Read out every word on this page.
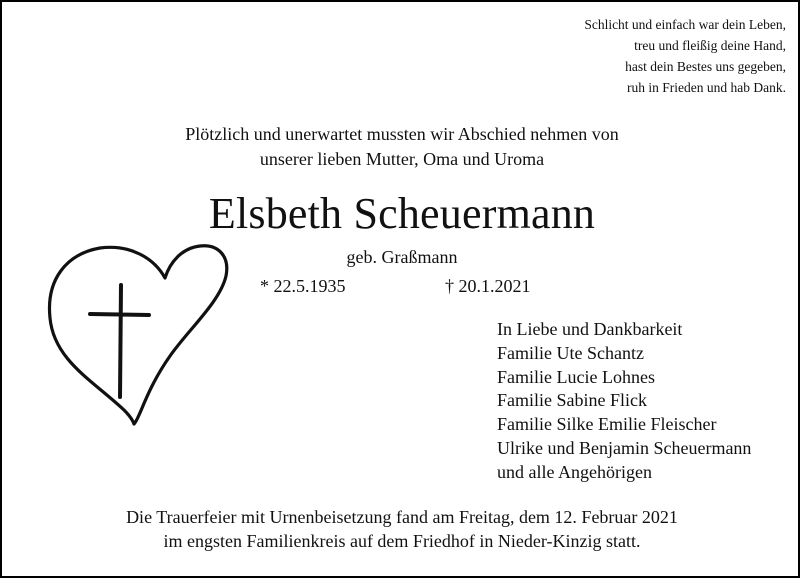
Schlicht und einfach war dein Leben,
treu und fleißig deine Hand,
hast dein Bestes uns gegeben,
ruh in Frieden und hab Dank.
Plötzlich und unerwartet mussten wir Abschied nehmen von
unserer lieben Mutter, Oma und Uroma
Elsbeth Scheuermann
geb. Graßmann
* 22.5.1935	† 20.1.2021
In Liebe und Dankbarkeit
Familie Ute Schantz
Familie Lucie Lohnes
Familie Sabine Flick
Familie Silke Emilie Fleischer
Ulrike und Benjamin Scheuermann
und alle Angehörigen
Die Trauerfeier mit Urnenbeisetzung fand am Freitag, dem 12. Februar 2021
im engsten Familienkreis auf dem Friedhof in Nieder-Kinzig statt.
